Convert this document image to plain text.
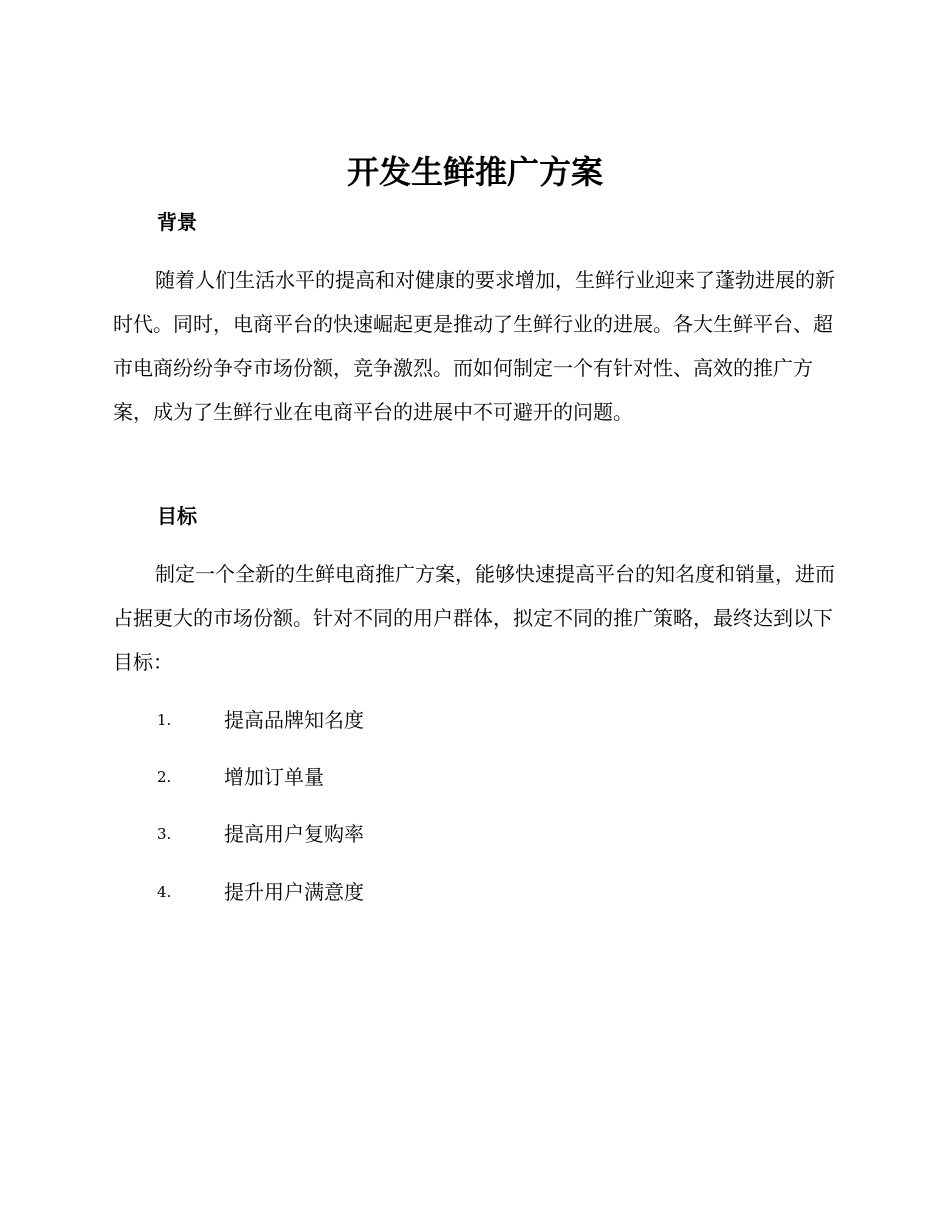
开发生鲜推广方案
背景

随着人们生活水平的提高和对健康的要求增加，生鲜行业迎来了蓬勃进展的新时代。同时，电商平台的快速崛起更是推动了生鲜行业的进展。各大生鲜平台、超市电商纷纷争夺市场份额，竞争激烈。而如何制定一个有针对性、高效的推广方案，成为了生鲜行业在电商平台的进展中不可避开的问题。

目标

制定一个全新的生鲜电商推广方案，能够快速提高平台的知名度和销量，进而占据更大的市场份额。针对不同的用户群体，拟定不同的推广策略，最终达到以下目标：

1.	提高品牌知名度
2.	增加订单量
3.	提高用户复购率
4.	提升用户满意度
